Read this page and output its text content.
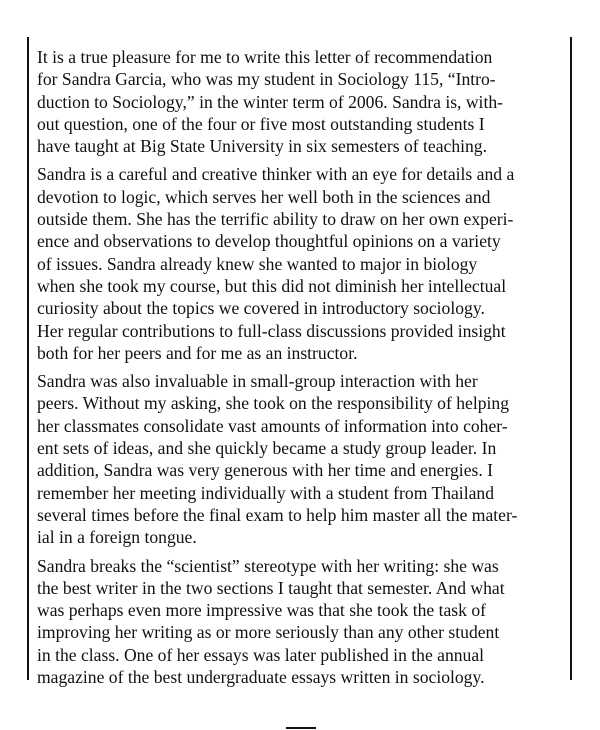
It is a true pleasure for me to write this letter of recommendation
for Sandra Garcia, who was my student in Sociology 115, “Intro-
duction to Sociology,” in the winter term of 2006. Sandra is, with-
out question, one of the four or five most outstanding students I
have taught at Big State University in six semesters of teaching.

Sandra is a careful and creative thinker with an eye for details and a
devotion to logic, which serves her well both in the sciences and
outside them. She has the terrific ability to draw on her own experi-
ence and observations to develop thoughtful opinions on a variety
of issues. Sandra already knew she wanted to major in biology
when she took my course, but this did not diminish her intellectual
curiosity about the topics we covered in introductory sociology.
Her regular contributions to full-class discussions provided insight
both for her peers and for me as an instructor.

Sandra was also invaluable in small-group interaction with her
peers. Without my asking, she took on the responsibility of helping
her classmates consolidate vast amounts of information into coher-
ent sets of ideas, and she quickly became a study group leader. In
addition, Sandra was very generous with her time and energies. I
remember her meeting individually with a student from Thailand
several times before the final exam to help him master all the mater-
ial in a foreign tongue.

Sandra breaks the “scientist” stereotype with her writing: she was
the best writer in the two sections I taught that semester. And what
was perhaps even more impressive was that she took the task of
improving her writing as or more seriously than any other student
in the class. One of her essays was later published in the annual
magazine of the best undergraduate essays written in sociology.
